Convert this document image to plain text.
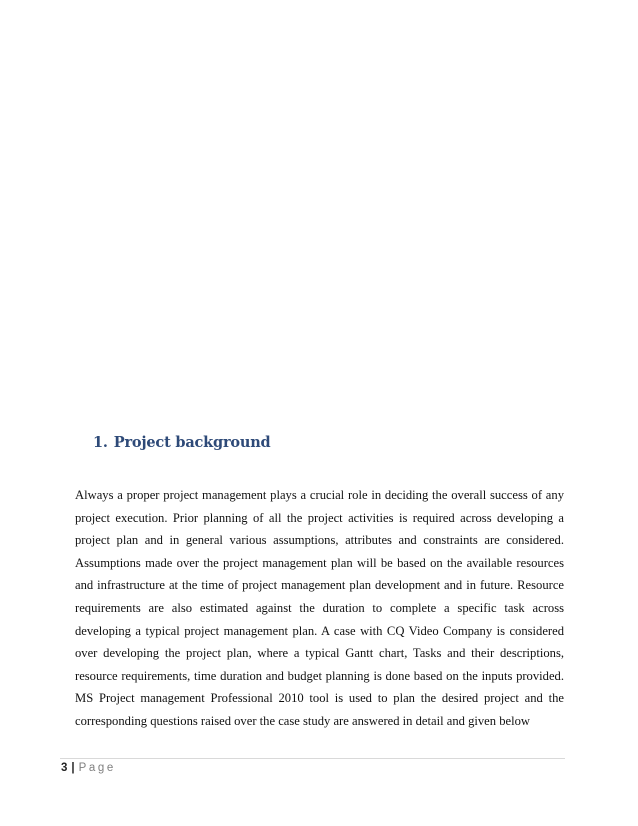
1. Project background
Always a proper project management plays a crucial role in deciding the overall success of any
project execution. Prior planning of all the project activities is required across developing a
project plan and in general various assumptions, attributes and constraints are considered.
Assumptions made over the project management plan will be based on the available resources
and infrastructure at the time of project management plan development and in future. Resource
requirements are also estimated against the duration to complete a specific task across
developing a typical project management plan. A case with CQ Video Company is considered
over developing the project plan, where a typical Gantt chart, Tasks and their descriptions,
resource requirements, time duration and budget planning is done based on the inputs provided.
MS Project management Professional 2010 tool is used to plan the desired project and the
corresponding questions raised over the case study are answered in detail and given below
3 | Page
